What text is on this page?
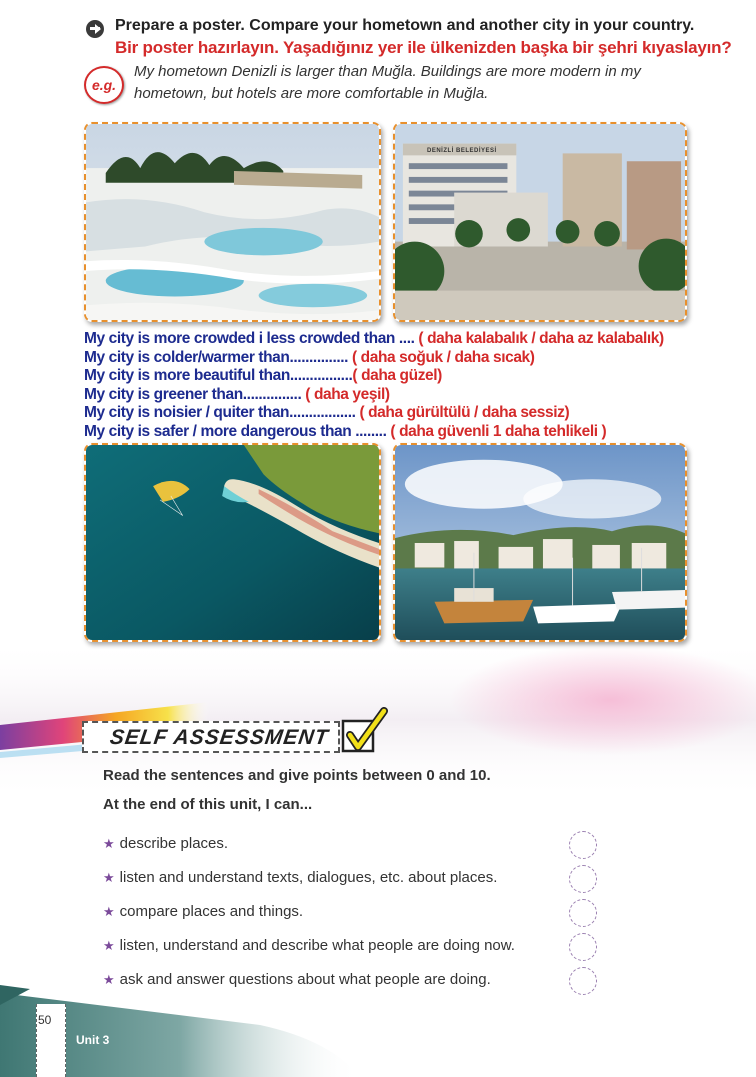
Prepare a poster. Compare your hometown and another city in your country.
Bir poster hazırlayın. Yaşadığınız yer ile ülkenizden başka bir şehri kıyaslayın?
e.g.
My hometown Denizli is larger than Muğla. Buildings are more modern in my hometown, but hotels are more comfortable in Muğla.
DENİZLİ BELEDİYESİ
My city is more crowded i less crowded than .... ( daha kalabalık / daha az kalabalık)
My city is colder/warmer than............... ( daha soğuk / daha sıcak)
My city is more beautiful than................( daha güzel)
My city is greener than............... ( daha yeşil)
My city is noisier / quiter than................. ( daha gürültülü / daha sessiz)
My city is safer / more dangerous than ........ ( daha güvenli 1 daha tehlikeli )
SELF ASSESSMENT
Read the sentences and give points between 0 and 10.
At the end of this unit, I can...
★ describe places.
★ listen and understand texts, dialogues, etc. about places.
★ compare places and things.
★ listen, understand and describe what people are doing now.
★ ask and answer questions about what people are doing.
50
Unit 3
